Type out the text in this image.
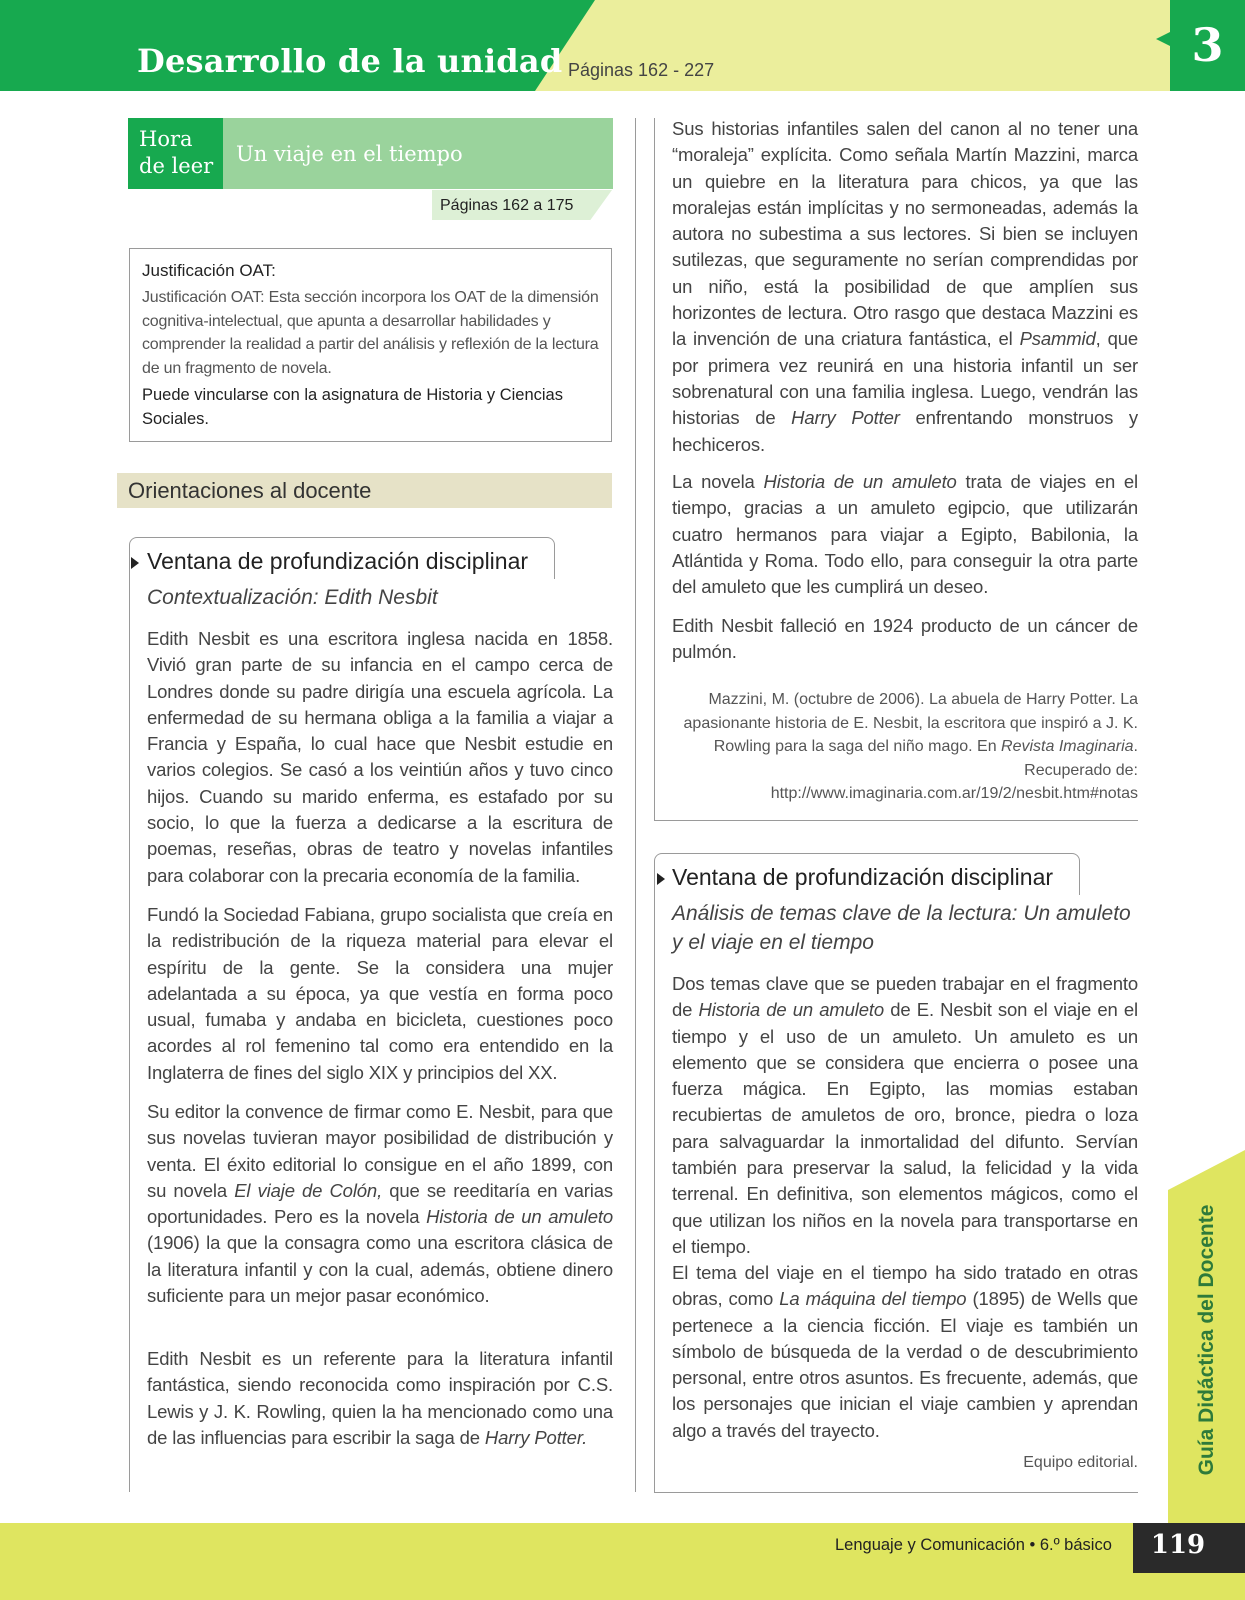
Desarrollo de la unidad Páginas 162 - 227	3
Hora
de leer Un viaje en el tiempo
Páginas 162 a 175
Justificación OAT:
Justificación OAT: Esta sección incorpora los OAT de la dimensión cognitiva-intelectual, que apunta a desarrollar habilidades y comprender la realidad a partir del análisis y reflexión de la lectura de un fragmento de novela.
Puede vincularse con la asignatura de Historia y Ciencias Sociales.
Orientaciones al docente
Ventana de profundización disciplinar
Contextualización: Edith Nesbit
Edith Nesbit es una escritora inglesa nacida en 1858. Vivió gran parte de su infancia en el campo cerca de Londres donde su padre dirigía una escuela agrícola. La enfermedad de su hermana obliga a la familia a viajar a Francia y España, lo cual hace que Nesbit estudie en varios colegios. Se casó a los veintiún años y tuvo cinco hijos. Cuando su marido enferma, es estafado por su socio, lo que la fuerza a dedicarse a la escritura de poemas, reseñas, obras de teatro y novelas infantiles para colaborar con la precaria economía de la familia.
Fundó la Sociedad Fabiana, grupo socialista que creía en la redistribución de la riqueza material para elevar el espíritu de la gente. Se la considera una mujer adelantada a su época, ya que vestía en forma poco usual, fumaba y andaba en bicicleta, cuestiones poco acordes al rol femenino tal como era entendido en la Inglaterra de fines del siglo XIX y principios del XX.
Su editor la convence de firmar como E. Nesbit, para que sus novelas tuvieran mayor posibilidad de distribución y venta. El éxito editorial lo consigue en el año 1899, con su novela El viaje de Colón, que se reeditaría en varias oportunidades. Pero es la novela Historia de un amuleto (1906) la que la consagra como una escritora clásica de la literatura infantil y con la cual, además, obtiene dinero suficiente para un mejor pasar económico.
Edith Nesbit es un referente para la literatura infantil fantástica, siendo reconocida como inspiración por C.S. Lewis y J. K. Rowling, quien la ha mencionado como una de las influencias para escribir la saga de Harry Potter.
Sus historias infantiles salen del canon al no tener una “moraleja” explícita. Como señala Martín Mazzini, marca un quiebre en la literatura para chicos, ya que las moralejas están implícitas y no sermoneadas, además la autora no subestima a sus lectores. Si bien se incluyen sutilezas, que seguramente no serían comprendidas por un niño, está la posibilidad de que amplíen sus horizontes de lectura. Otro rasgo que destaca Mazzini es la invención de una criatura fantástica, el Psammid, que por primera vez reunirá en una historia infantil un ser sobrenatural con una familia inglesa. Luego, vendrán las historias de Harry Potter enfrentando monstruos y hechiceros.
La novela Historia de un amuleto trata de viajes en el tiempo, gracias a un amuleto egipcio, que utilizarán cuatro hermanos para viajar a Egipto, Babilonia, la Atlántida y Roma. Todo ello, para conseguir la otra parte del amuleto que les cumplirá un deseo.
Edith Nesbit falleció en 1924 producto de un cáncer de pulmón.
Mazzini, M. (octubre de 2006). La abuela de Harry Potter. La apasionante historia de E. Nesbit, la escritora que inspiró a J. K. Rowling para la saga del niño mago. En Revista Imaginaria. Recuperado de: http://www.imaginaria.com.ar/19/2/nesbit.htm#notas
Ventana de profundización disciplinar
Análisis de temas clave de la lectura: Un amuleto
y el viaje en el tiempo
Dos temas clave que se pueden trabajar en el fragmento de Historia de un amuleto de E. Nesbit son el viaje en el tiempo y el uso de un amuleto. Un amuleto es un elemento que se considera que encierra o posee una fuerza mágica. En Egipto, las momias estaban recubiertas de amuletos de oro, bronce, piedra o loza para salvaguardar la inmortalidad del difunto. Servían también para preservar la salud, la felicidad y la vida terrenal. En definitiva, son elementos mágicos, como el que utilizan los niños en la novela para transportarse en el tiempo.
El tema del viaje en el tiempo ha sido tratado en otras obras, como La máquina del tiempo (1895) de Wells que pertenece a la ciencia ficción. El viaje es también un símbolo de búsqueda de la verdad o de descubrimiento personal, entre otros asuntos. Es frecuente, además, que los personajes que inician el viaje cambien y aprendan algo a través del trayecto.
Equipo editorial.	Guía Didáctica del Docente
Lenguaje y Comunicación • 6.º básico	119
